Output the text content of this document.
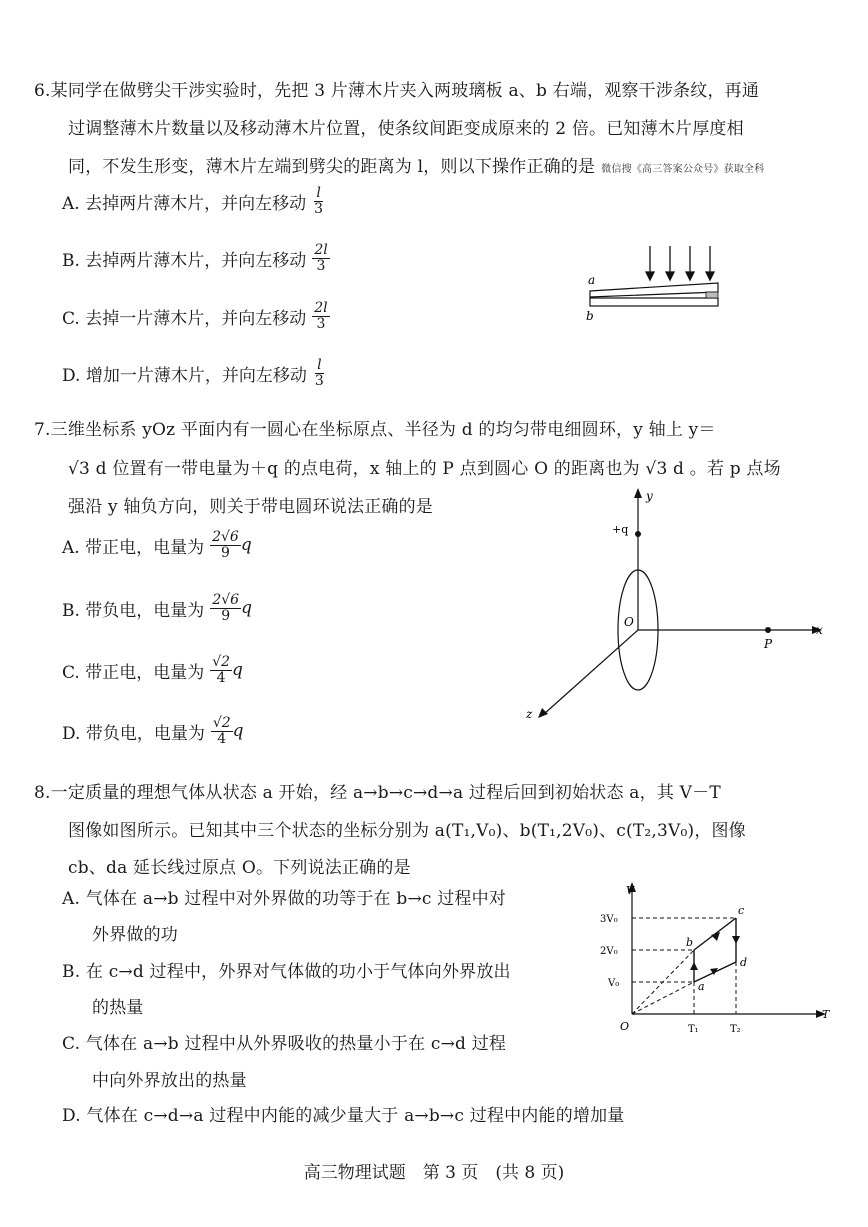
6.某同学在做劈尖干涉实验时，先把 3 片薄木片夹入两玻璃板 a、b 右端，观察干涉条纹，再通
过调整薄木片数量以及移动薄木片位置，使条纹间距变成原来的 2 倍。已知薄木片厚度相
同，不发生形变，薄木片左端到劈尖的距离为 l，则以下操作正确的是 微信搜《高三答案公众号》获取全科
A. 去掉两片薄木片，并向左移动 $\frac{l}{3}$
B. 去掉两片薄木片，并向左移动 $\frac{2l}{3}$
C. 去掉一片薄木片，并向左移动 $\frac{2l}{3}$
D. 增加一片薄木片，并向左移动 $\frac{l}{3}$
a
b
7.三维坐标系 yOz 平面内有一圆心在坐标原点、半径为 d 的均匀带电细圆环，y 轴上 y＝
√3 d 位置有一带电量为＋q 的点电荷，x 轴上的 P 点到圆心 O 的距离也为 √3 d 。若 p 点场
强沿 y 轴负方向，则关于带电圆环说法正确的是
A. 带正电，电量为 $\frac{2√6}{9}$ q
B. 带负电，电量为 $\frac{2√6}{9}$ q
C. 带正电，电量为 $\frac{√2}{4}$ q
D. 带负电，电量为 $\frac{√2}{4}$ q
y
x
z
O
P
+q
8.一定质量的理想气体从状态 a 开始，经 a→b→c→d→a 过程后回到初始状态 a，其 V－T
图像如图所示。已知其中三个状态的坐标分别为 a(T₁,V₀)、b(T₁,2V₀)、c(T₂,3V₀)，图像
cb、da 延长线过原点 O。下列说法正确的是
A. 气体在 a→b 过程中对外界做的功等于在 b→c 过程中对
外界做的功
B. 在 c→d 过程中，外界对气体做的功小于气体向外界放出
的热量
C. 气体在 a→b 过程中从外界吸收的热量小于在 c→d 过程
中向外界放出的热量
D. 气体在 c→d→a 过程中内能的减少量大于 a→b→c 过程中内能的增加量
V
T
O
3V₀
2V₀
V₀
T₁	T₂
a
b
c
d
高三物理试题　第 3 页　(共 8 页)
